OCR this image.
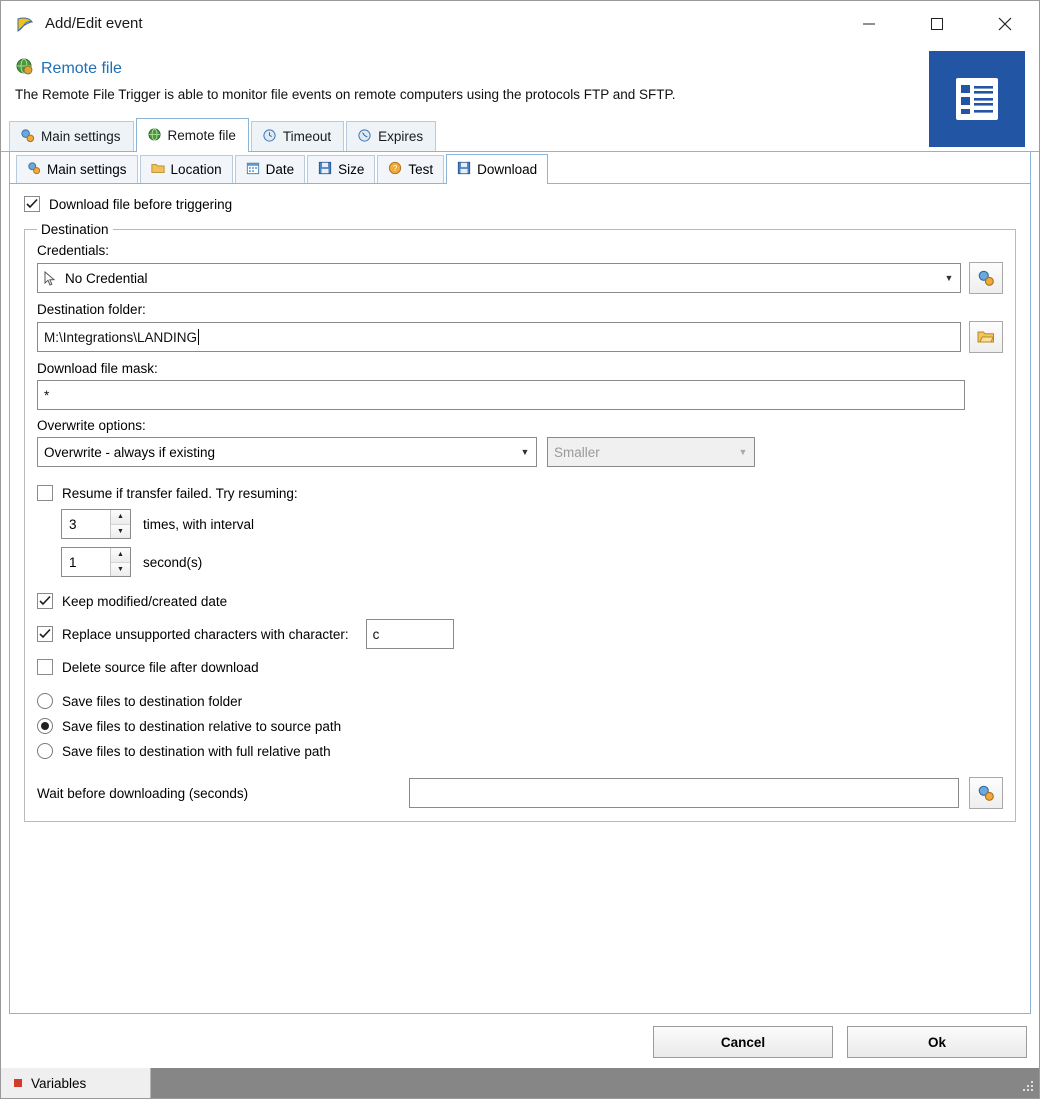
Add/Edit event
Remote file
The Remote File Trigger is able to monitor file events on remote computers using the protocols FTP and SFTP.
Main settings	Remote file	Timeout	Expires
Main settings	Location	Date	Size	? Test	Download
Download file before triggering
Destination
Credentials:
No Credential	▼
Destination folder:
M:\Integrations\LANDING
Download file mask:
*
Overwrite options:
Overwrite - always if existing	▼	Smaller	▼
Resume if transfer failed. Try resuming:
3	▲
▼	times, with interval
1	▲
▼	second(s)
Keep modified/created date
Replace unsupported characters with character: c
Delete source file after download
Save files to destination folder
Save files to destination relative to source path
Save files to destination with full relative path
Wait before downloading (seconds)
Cancel	Ok
Variables
